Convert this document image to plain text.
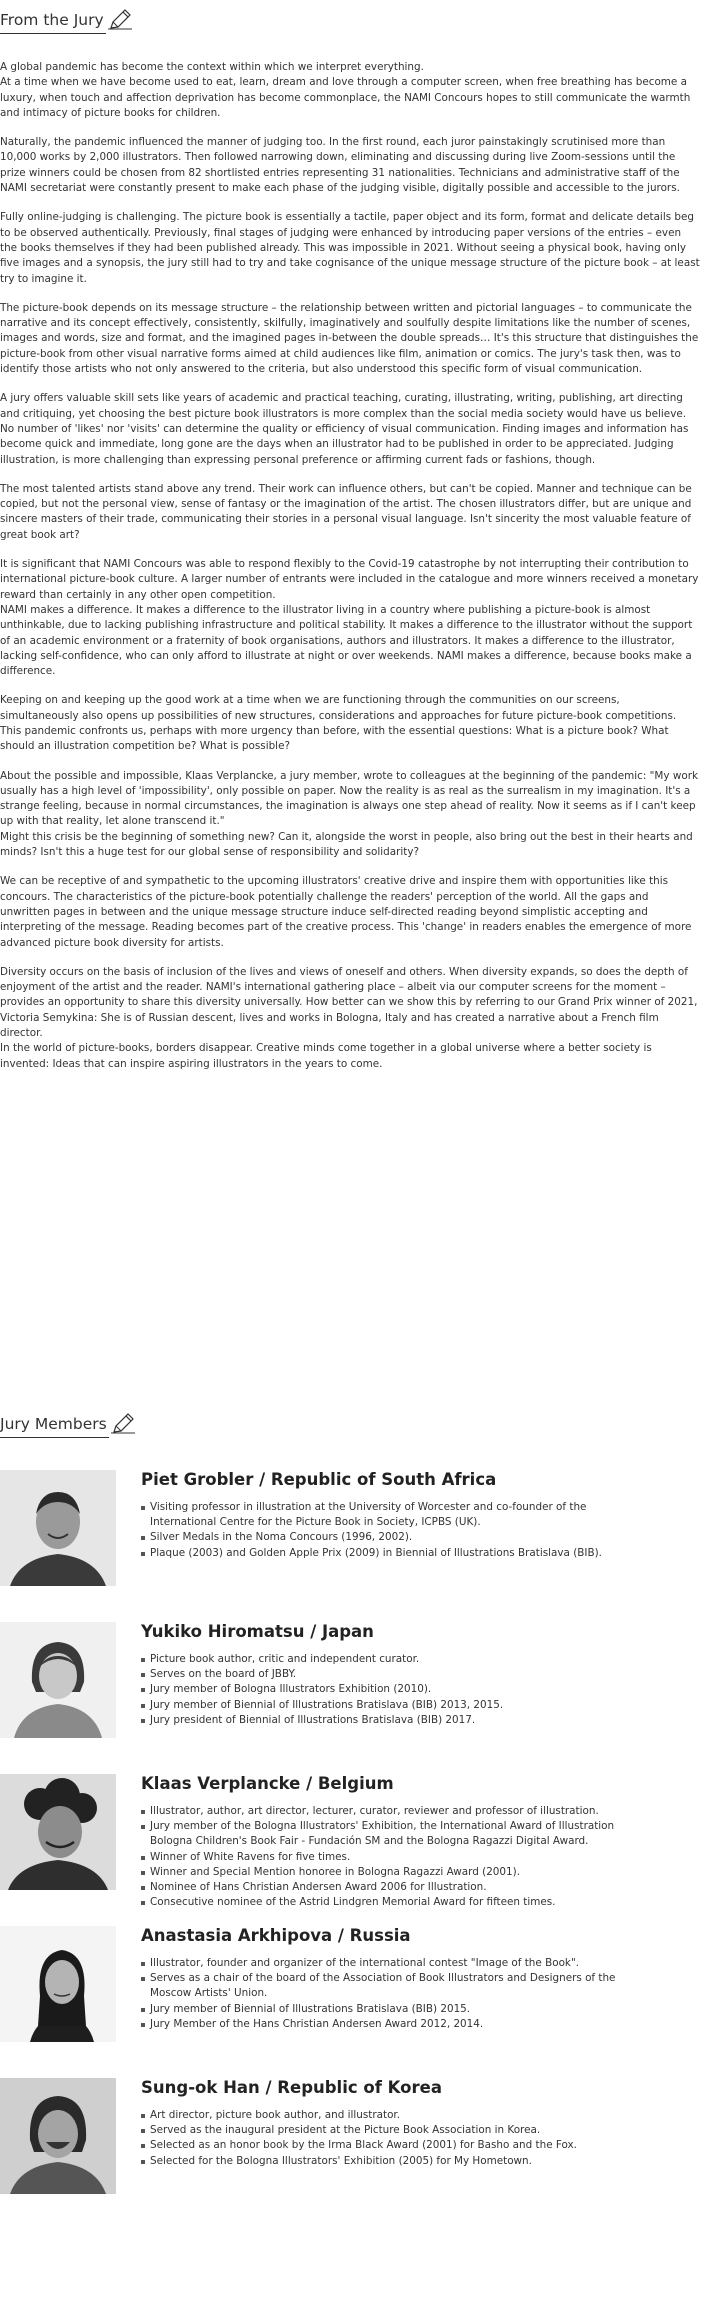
From the Jury

A global pandemic has become the context within which we interpret everything.
At a time when we have become used to eat, learn, dream and love through a computer screen, when free breathing has become a luxury, when touch and affection deprivation has become commonplace, the NAMI Concours hopes to still communicate the warmth and intimacy of picture books for children.

Naturally, the pandemic influenced the manner of judging too. In the first round, each juror painstakingly scrutinised more than 10,000 works by 2,000 illustrators. Then followed narrowing down, eliminating and discussing during live Zoom-sessions until the prize winners could be chosen from 82 shortlisted entries representing 31 nationalities. Technicians and administrative staff of the NAMI secretariat were constantly present to make each phase of the judging visible, digitally possible and accessible to the jurors.

Fully online-judging is challenging. The picture book is essentially a tactile, paper object and its form, format and delicate details beg to be observed authentically. Previously, final stages of judging were enhanced by introducing paper versions of the entries – even the books themselves if they had been published already. This was impossible in 2021. Without seeing a physical book, having only five images and a synopsis, the jury still had to try and take cognisance of the unique message structure of the picture book – at least try to imagine it.

The picture-book depends on its message structure – the relationship between written and pictorial languages – to communicate the narrative and its concept effectively, consistently, skilfully, imaginatively and soulfully despite limitations like the number of scenes, images and words, size and format, and the imagined pages in-between the double spreads… It's this structure that distinguishes the picture-book from other visual narrative forms aimed at child audiences like film, animation or comics. The jury's task then, was to identify those artists who not only answered to the criteria, but also understood this specific form of visual communication.

A jury offers valuable skill sets like years of academic and practical teaching, curating, illustrating, writing, publishing, art directing and critiquing, yet choosing the best picture book illustrators is more complex than the social media society would have us believe. No number of 'likes' nor 'visits' can determine the quality or efficiency of visual communication. Finding images and information has become quick and immediate, long gone are the days when an illustrator had to be published in order to be appreciated. Judging illustration, is more challenging than expressing personal preference or affirming current fads or fashions, though.

The most talented artists stand above any trend. Their work can influence others, but can't be copied. Manner and technique can be copied, but not the personal view, sense of fantasy or the imagination of the artist. The chosen illustrators differ, but are unique and sincere masters of their trade, communicating their stories in a personal visual language. Isn't sincerity the most valuable feature of great book art?

It is significant that NAMI Concours was able to respond flexibly to the Covid-19 catastrophe by not interrupting their contribution to international picture-book culture. A larger number of entrants were included in the catalogue and more winners received a monetary reward than certainly in any other open competition.
NAMI makes a difference. It makes a difference to the illustrator living in a country where publishing a picture-book is almost unthinkable, due to lacking publishing infrastructure and political stability. It makes a difference to the illustrator without the support of an academic environment or a fraternity of book organisations, authors and illustrators. It makes a difference to the illustrator, lacking self-confidence, who can only afford to illustrate at night or over weekends. NAMI makes a difference, because books make a difference.

Keeping on and keeping up the good work at a time when we are functioning through the communities on our screens, simultaneously also opens up possibilities of new structures, considerations and approaches for future picture-book competitions. This pandemic confronts us, perhaps with more urgency than before, with the essential questions: What is a picture book? What should an illustration competition be? What is possible?

About the possible and impossible, Klaas Verplancke, a jury member, wrote to colleagues at the beginning of the pandemic: "My work usually has a high level of 'impossibility', only possible on paper. Now the reality is as real as the surrealism in my imagination. It's a strange feeling, because in normal circumstances, the imagination is always one step ahead of reality. Now it seems as if I can't keep up with that reality, let alone transcend it."
Might this crisis be the beginning of something new? Can it, alongside the worst in people, also bring out the best in their hearts and minds? Isn't this a huge test for our global sense of responsibility and solidarity?

We can be receptive of and sympathetic to the upcoming illustrators' creative drive and inspire them with opportunities like this concours. The characteristics of the picture-book potentially challenge the readers' perception of the world. All the gaps and unwritten pages in between and the unique message structure induce self-directed reading beyond simplistic accepting and interpreting of the message. Reading becomes part of the creative process. This 'change' in readers enables the emergence of more advanced picture book diversity for artists.

Diversity occurs on the basis of inclusion of the lives and views of oneself and others. When diversity expands, so does the depth of enjoyment of the artist and the reader. NAMI's international gathering place – albeit via our computer screens for the moment – provides an opportunity to share this diversity universally. How better can we show this by referring to our Grand Prix winner of 2021, Victoria Semykina: She is of Russian descent, lives and works in Bologna, Italy and has created a narrative about a French film director.
In the world of picture-books, borders disappear. Creative minds come together in a global universe where a better society is invented: Ideas that can inspire aspiring illustrators in the years to come.

Jury Members
Piet Grobler / Republic of South Africa
Visiting professor in illustration at the University of Worcester and co-founder of the International Centre for the Picture Book in Society, ICPBS (UK).
Silver Medals in the Noma Concours (1996, 2002).
Plaque (2003) and Golden Apple Prix (2009) in Biennial of Illustrations Bratislava (BIB).
Yukiko Hiromatsu / Japan
Picture book author, critic and independent curator.
Serves on the board of JBBY.
Jury member of Bologna Illustrators Exhibition (2010).
Jury member of Biennial of Illustrations Bratislava (BIB) 2013, 2015.
Jury president of Biennial of Illustrations Bratislava (BIB) 2017.
Klaas Verplancke / Belgium
Illustrator, author, art director, lecturer, curator, reviewer and professor of illustration.
Jury member of the Bologna Illustrators' Exhibition, the International Award of Illustration Bologna Children's Book Fair - Fundación SM and the Bologna Ragazzi Digital Award.
Winner of White Ravens for five times.
Winner and Special Mention honoree in Bologna Ragazzi Award (2001).
Nominee of Hans Christian Andersen Award 2006 for Illustration.
Consecutive nominee of the Astrid Lindgren Memorial Award for fifteen times.
Anastasia Arkhipova / Russia
Illustrator, founder and organizer of the international contest "Image of the Book".
Serves as a chair of the board of the Association of Book Illustrators and Designers of the Moscow Artists' Union.
Jury member of Biennial of Illustrations Bratislava (BIB) 2015.
Jury Member of the Hans Christian Andersen Award 2012, 2014.
Sung-ok Han / Republic of Korea
Art director, picture book author, and illustrator.
Served as the inaugural president at the Picture Book Association in Korea.
Selected as an honor book by the Irma Black Award (2001) for Basho and the Fox.
Selected for the Bologna Illustrators' Exhibition (2005) for My Hometown.
